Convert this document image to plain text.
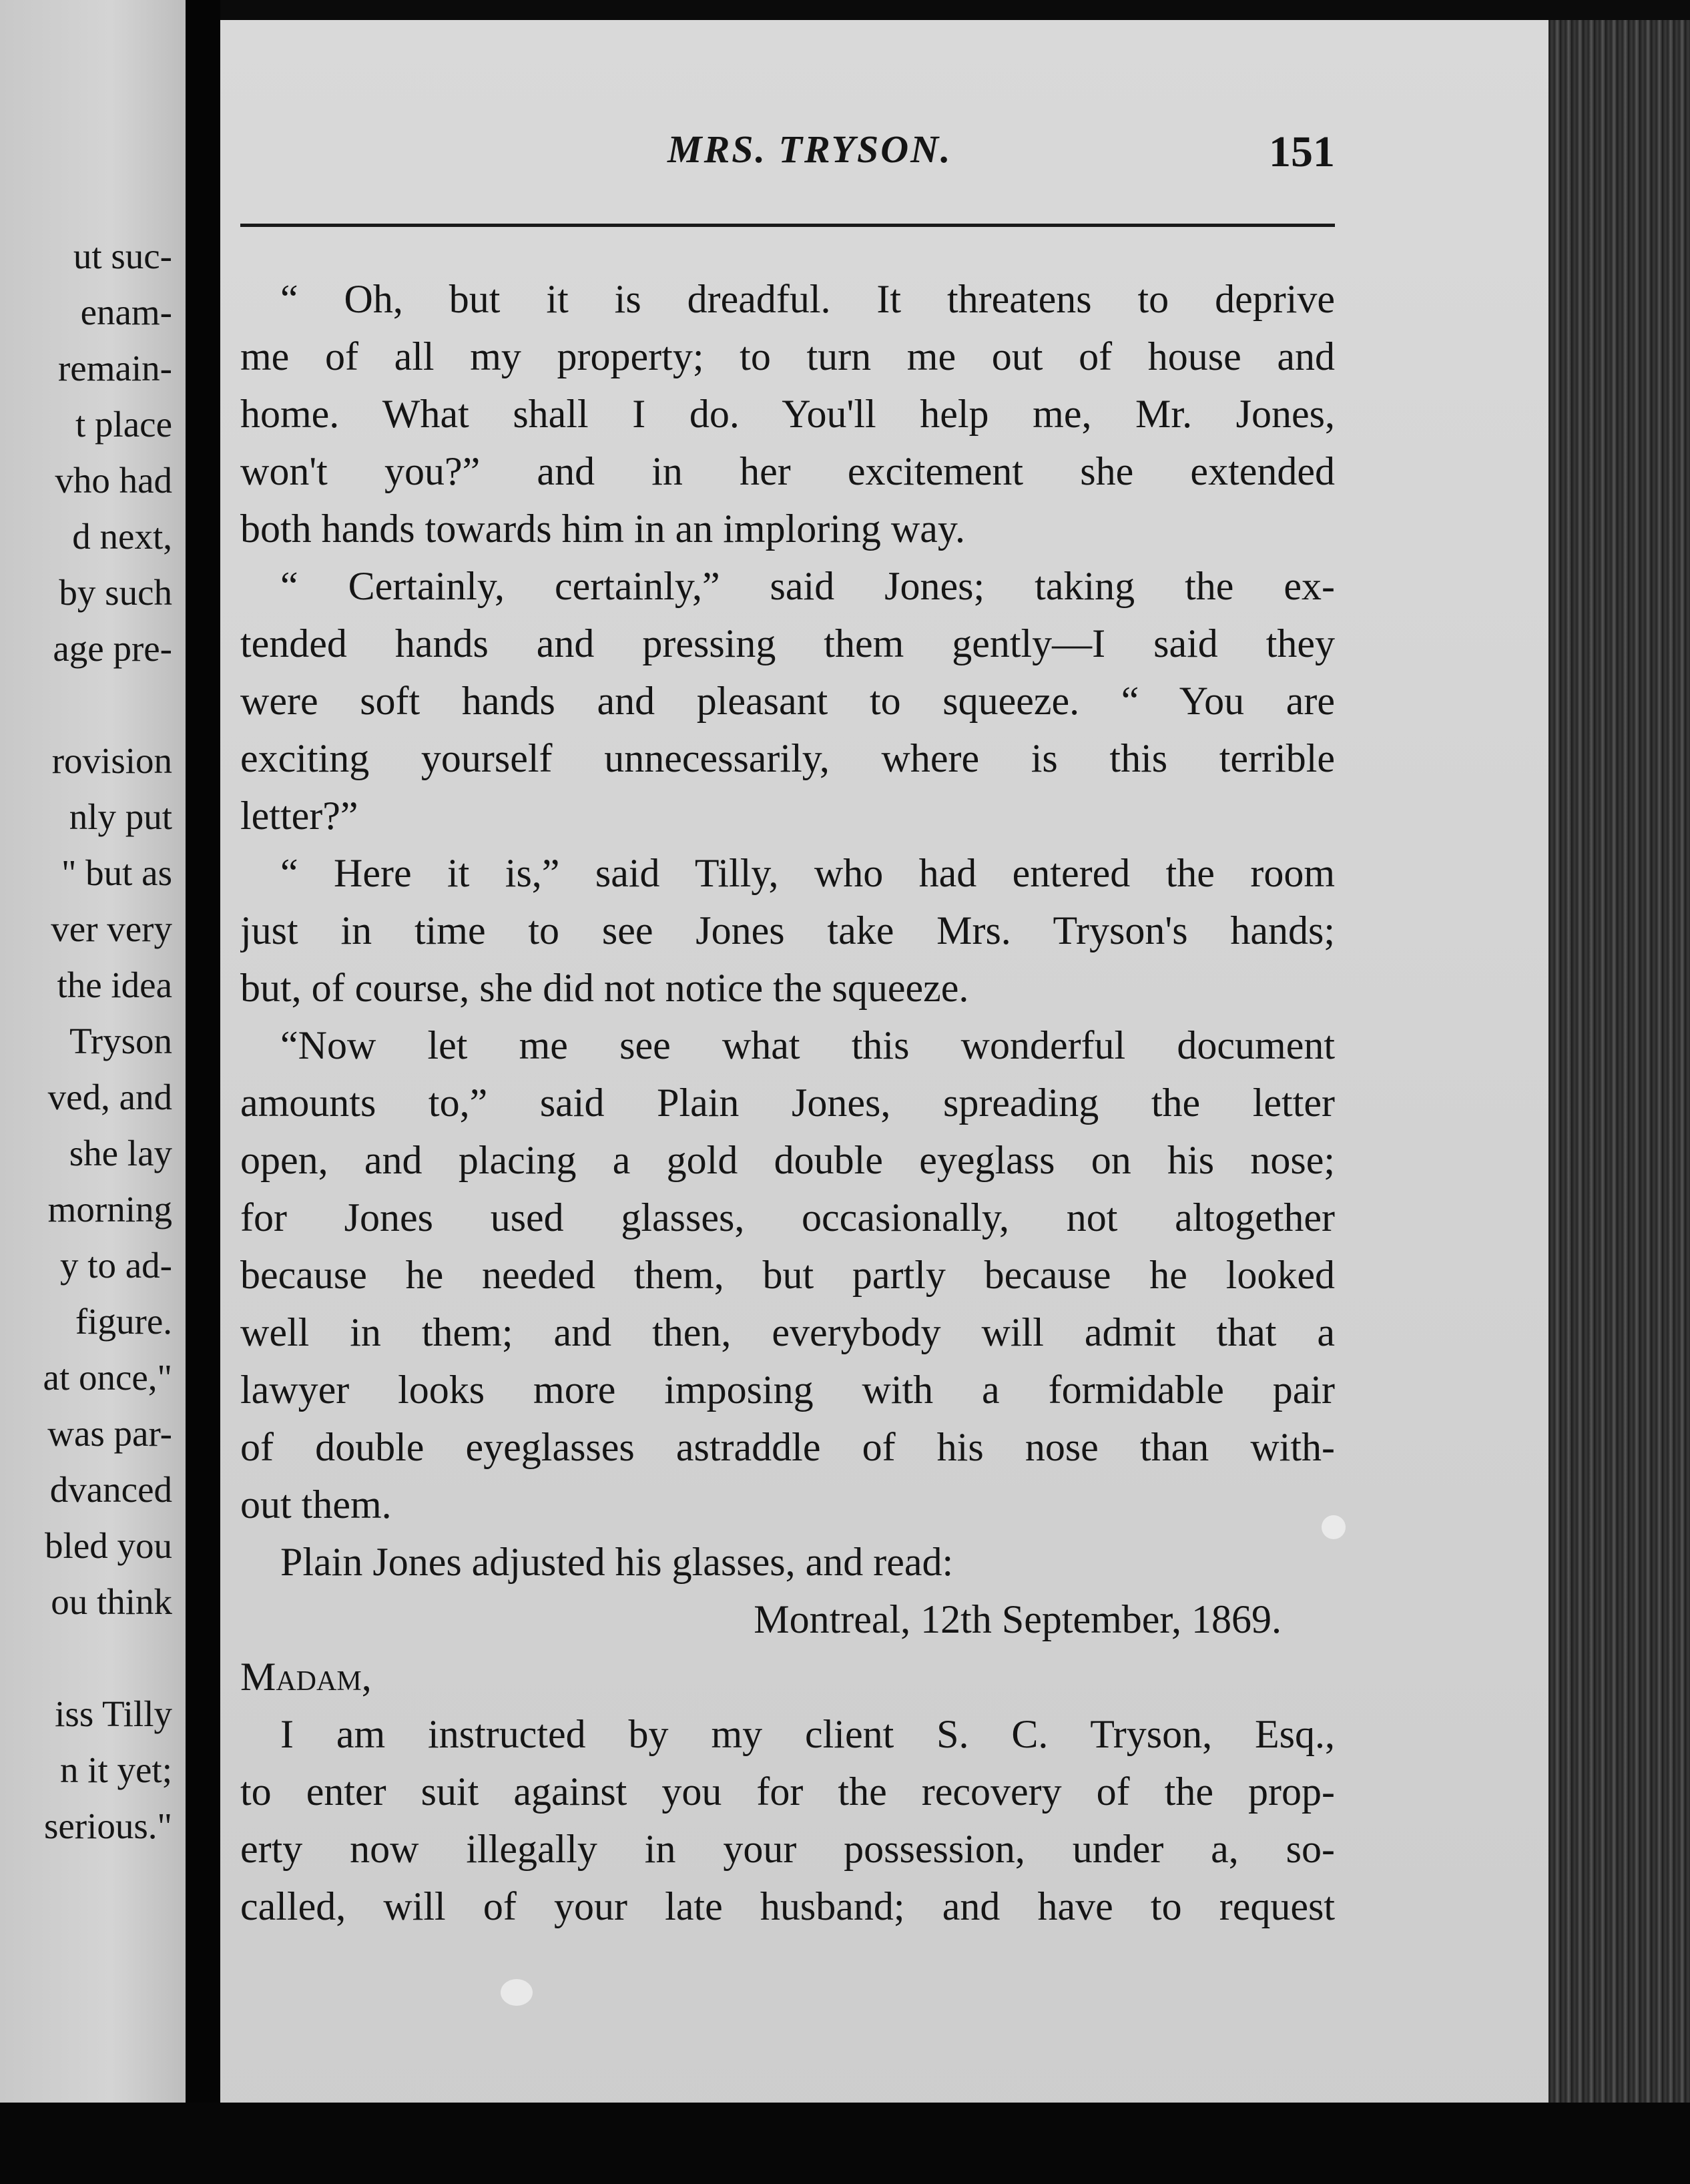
ut suc-
enam-
remain-
t place
vho had
d next,
by such
age pre-
rovision
nly put
" but as
ver very
the idea
Tryson
ved, and
she lay
morning
y to ad-
figure.
at once,"
was par-
dvanced
bled you
ou think
iss Tilly
n it yet;
serious."
MRS. TRYSON.	151
“ Oh, but it is dreadful. It threatens to deprive
me of all my property; to turn me out of house and
home. What shall I do. You'll help me, Mr. Jones,
won't you?” and in her excitement she extended
both hands towards him in an imploring way.
“ Certainly, certainly,” said Jones; taking the ex-
tended hands and pressing them gently—I said they
were soft hands and pleasant to squeeze. “ You are
exciting yourself unnecessarily, where is this terrible
letter?”
“ Here it is,” said Tilly, who had entered the room
just in time to see Jones take Mrs. Tryson's hands;
but, of course, she did not notice the squeeze.
“Now let me see what this wonderful document
amounts to,” said Plain Jones, spreading the letter
open, and placing a gold double eyeglass on his nose;
for Jones used glasses, occasionally, not altogether
because he needed them, but partly because he looked
well in them; and then, everybody will admit that a
lawyer looks more imposing with a formidable pair
of double eyeglasses astraddle of his nose than with-
out them.
Plain Jones adjusted his glasses, and read:
Montreal, 12th September, 1869.
Madam,
I am instructed by my client S. C. Tryson, Esq.,
to enter suit against you for the recovery of the prop-
erty now illegally in your possession, under a, so-
called, will of your late husband; and have to request
